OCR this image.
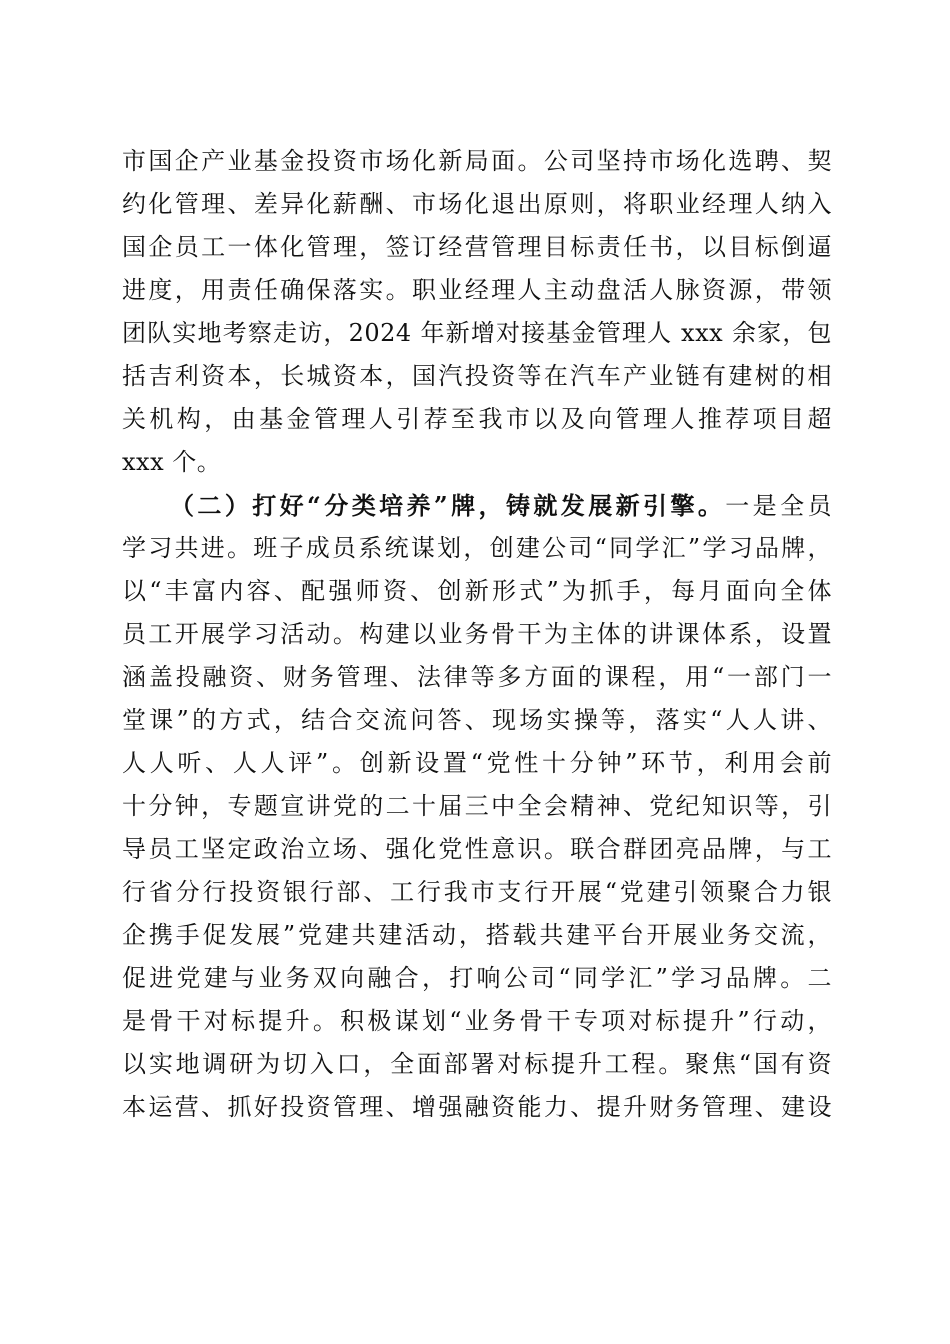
市国企产业基金投资市场化新局面。公司坚持市场化选聘、契
约化管理、差异化薪酬、市场化退出原则，将职业经理人纳入
国企员工一体化管理，签订经营管理目标责任书，以目标倒逼
进度，用责任确保落实。职业经理人主动盘活人脉资源，带领
团队实地考察走访，2024 年新增对接基金管理人 xxx 余家，包
括吉利资本，长城资本，国汽投资等在汽车产业链有建树的相
关机构，由基金管理人引荐至我市以及向管理人推荐项目超
xxx 个。
（二）打好“分类培养”牌，铸就发展新引擎。一是全员
学习共进。班子成员系统谋划，创建公司“同学汇”学习品牌，
以“丰富内容、配强师资、创新形式”为抓手，每月面向全体
员工开展学习活动。构建以业务骨干为主体的讲课体系，设置
涵盖投融资、财务管理、法律等多方面的课程，用“一部门一
堂课”的方式，结合交流问答、现场实操等，落实“人人讲、
人人听、人人评”。创新设置“党性十分钟”环节，利用会前
十分钟，专题宣讲党的二十届三中全会精神、党纪知识等，引
导员工坚定政治立场、强化党性意识。联合群团亮品牌，与工
行省分行投资银行部、工行我市支行开展“党建引领聚合力银
企携手促发展”党建共建活动，搭载共建平台开展业务交流，
促进党建与业务双向融合，打响公司“同学汇”学习品牌。二
是骨干对标提升。积极谋划“业务骨干专项对标提升”行动，
以实地调研为切入口，全面部署对标提升工程。聚焦“国有资
本运营、抓好投资管理、增强融资能力、提升财务管理、建设
